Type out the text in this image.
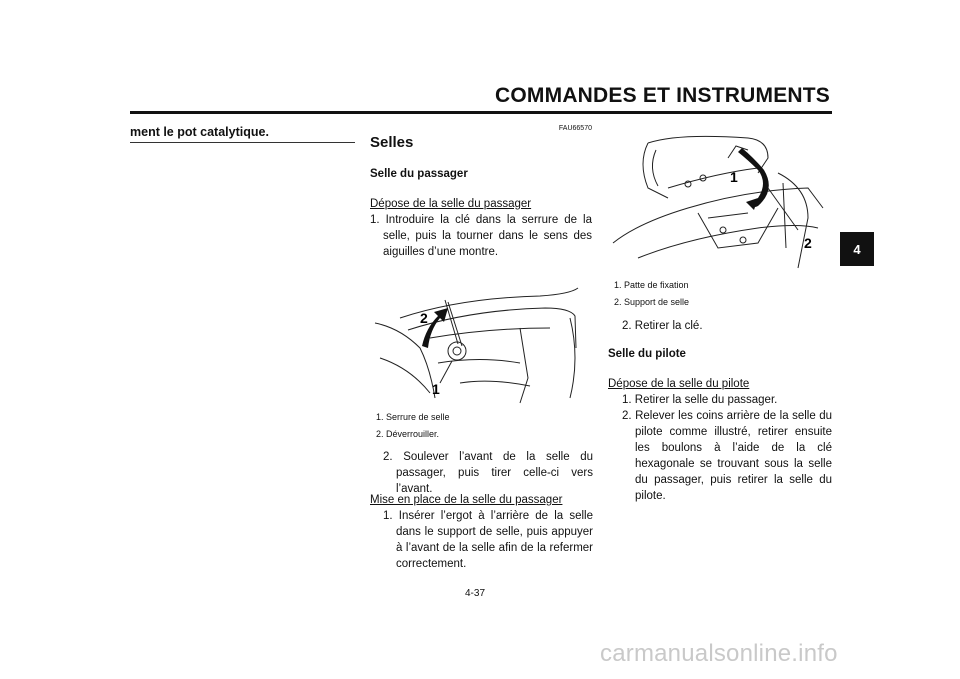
COMMANDES ET INSTRUMENTS
4
ment le pot catalytique.	FAU66570
Selles
Selle du passager
Dépose de la selle du passager
1. Introduire la clé dans la serrure de la selle, puis la tourner dans le sens des aiguilles d’une montre.
2
1
1. Serrure de selle
2. Déverrouiller.
2. Soulever l’avant de la selle du passager, puis tirer celle-ci vers l’avant.
Mise en place de la selle du passager
1. Insérer l’ergot à l’arrière de la selle dans le support de selle, puis appuyer à l’avant de la selle afin de la refermer correctement.
1
2
1. Patte de fixation
2. Support de selle
2. Retirer la clé.
Selle du pilote
Dépose de la selle du pilote
1. Retirer la selle du passager.
2. Relever les coins arrière de la selle du pilote comme illustré, retirer ensuite les boulons à l’aide de la clé hexagonale se trouvant sous la selle du passager, puis retirer la selle du pilote.
4-37
carmanualsonline.info
